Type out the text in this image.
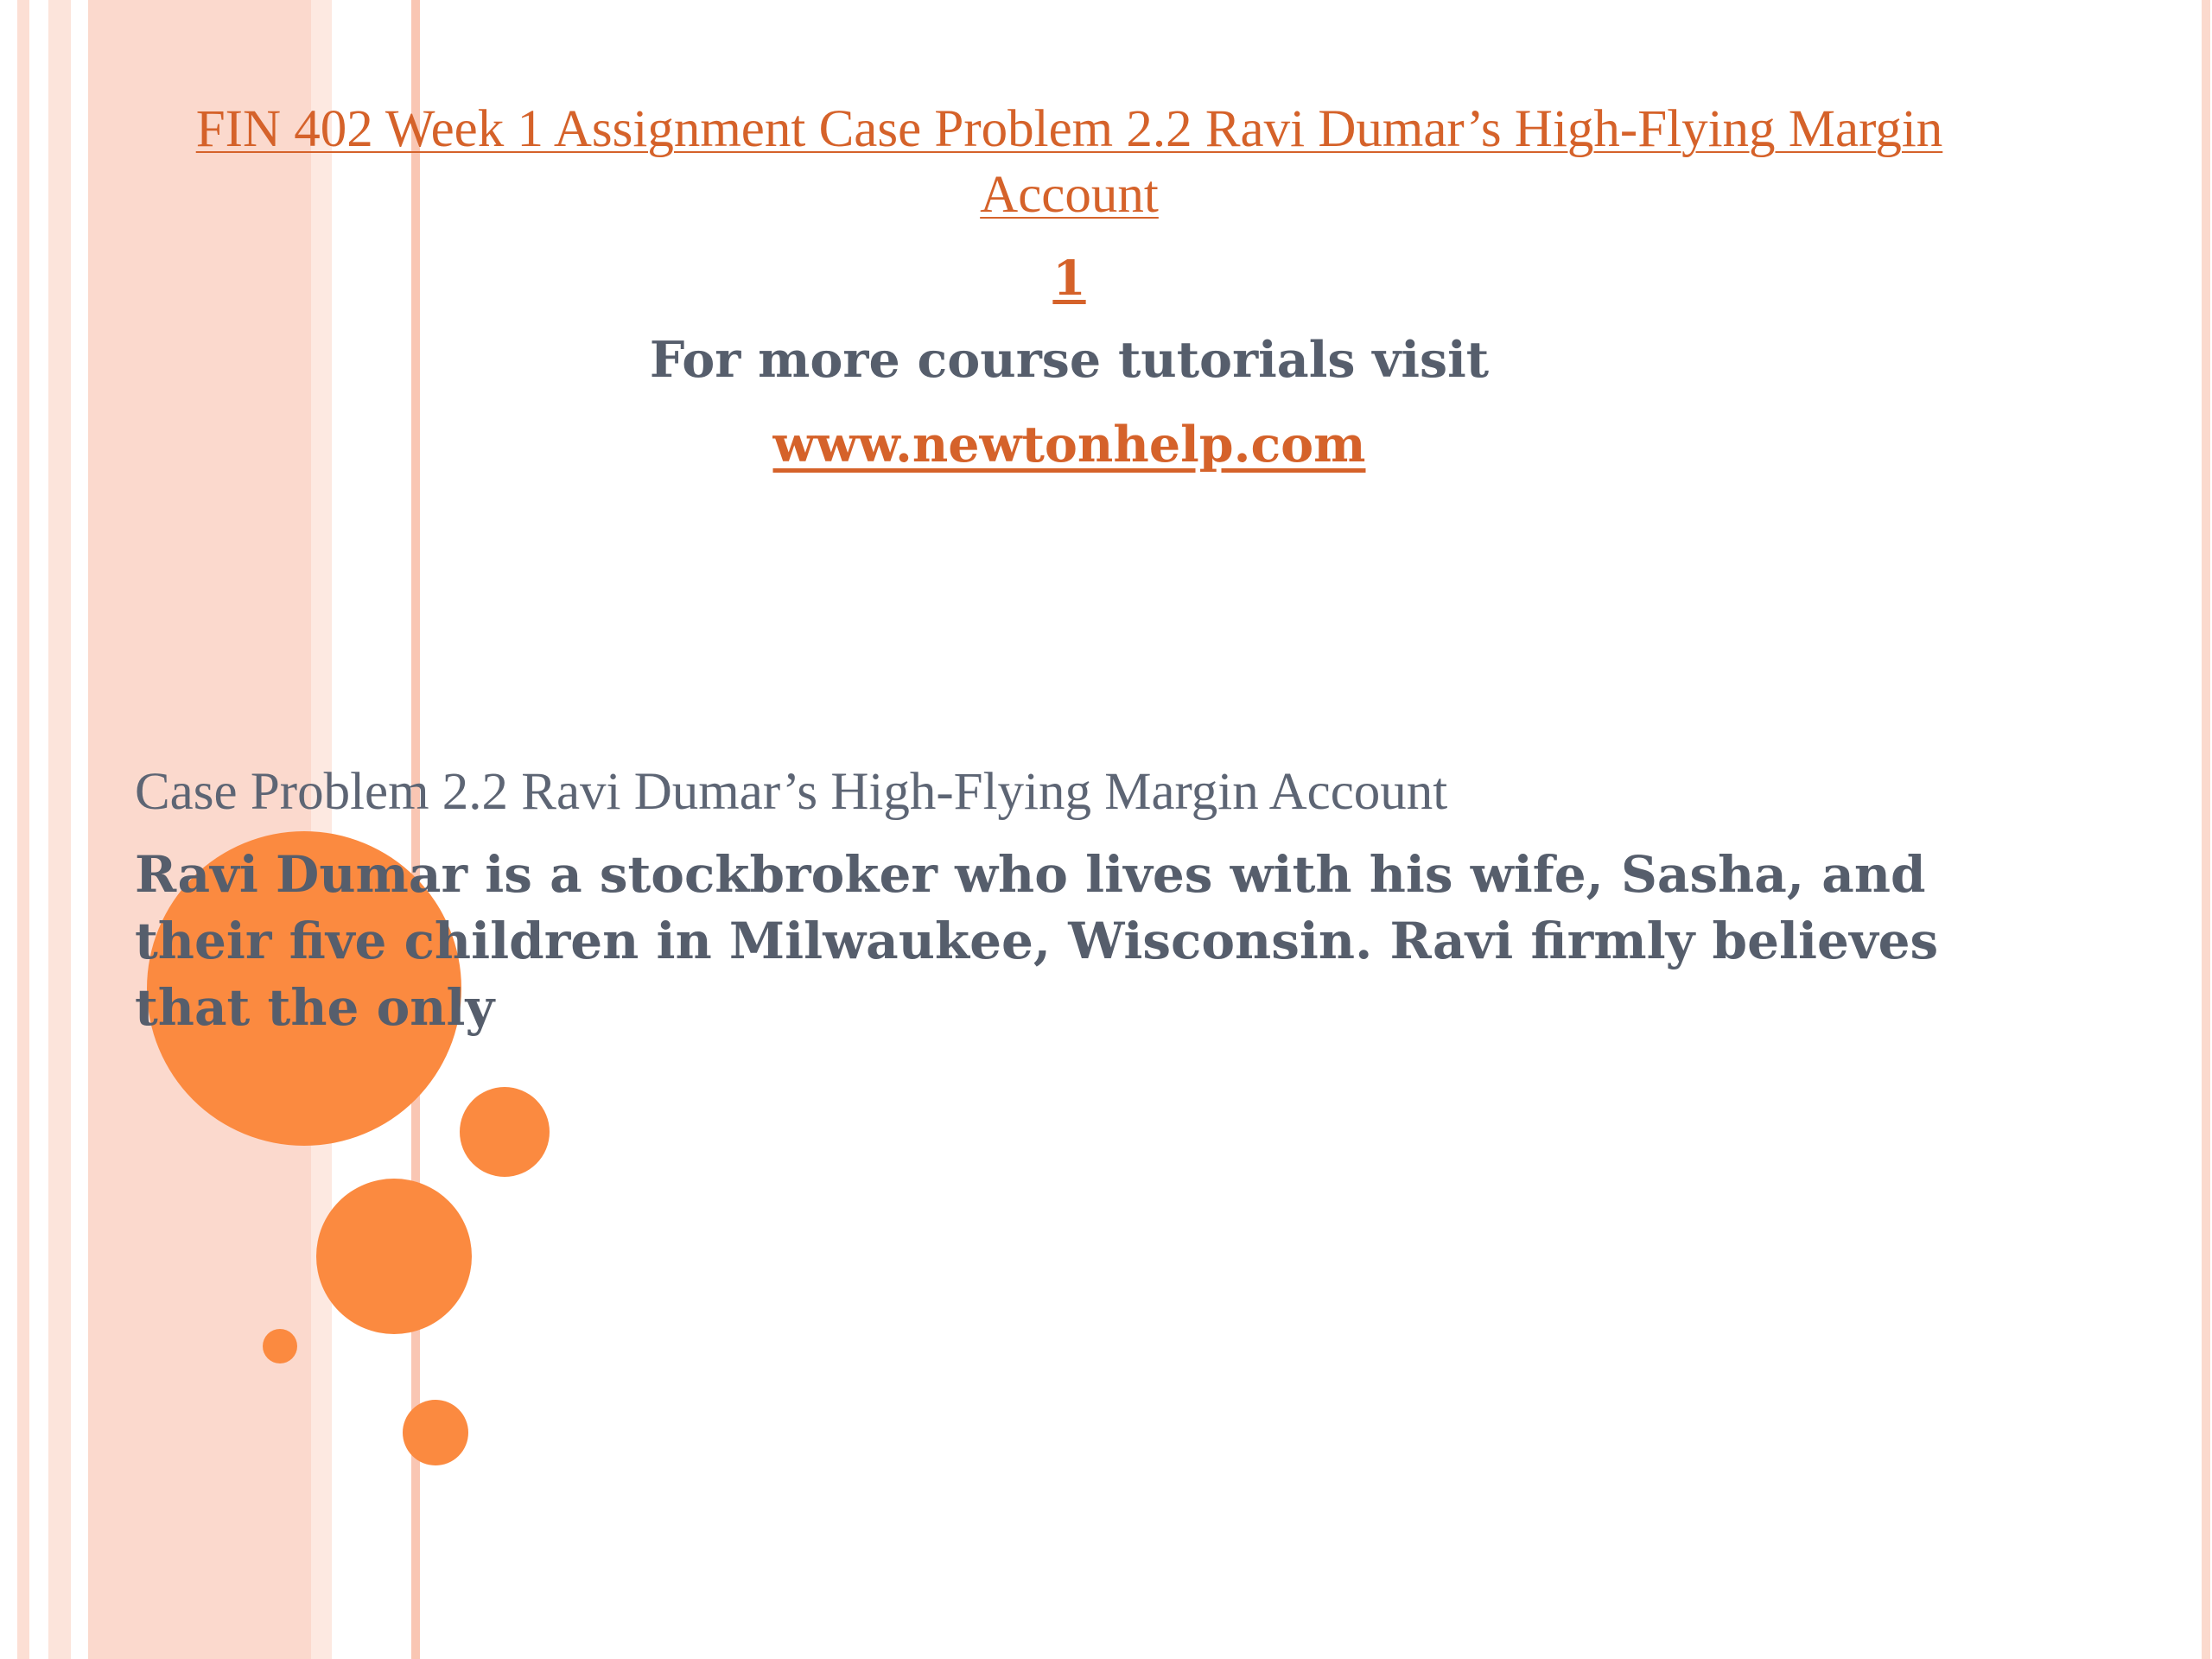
FIN 402 Week 1 Assignment Case Problem 2.2 Ravi Dumar’s High-Flying Margin Account
1
For more course tutorials visit
www.newtonhelp.com

Case Problem 2.2 Ravi Dumar’s High-Flying Margin Account

Ravi Dumar is a stockbroker who lives with his wife, Sasha, and their five children in Milwaukee, Wisconsin. Ravi firmly believes that the only
